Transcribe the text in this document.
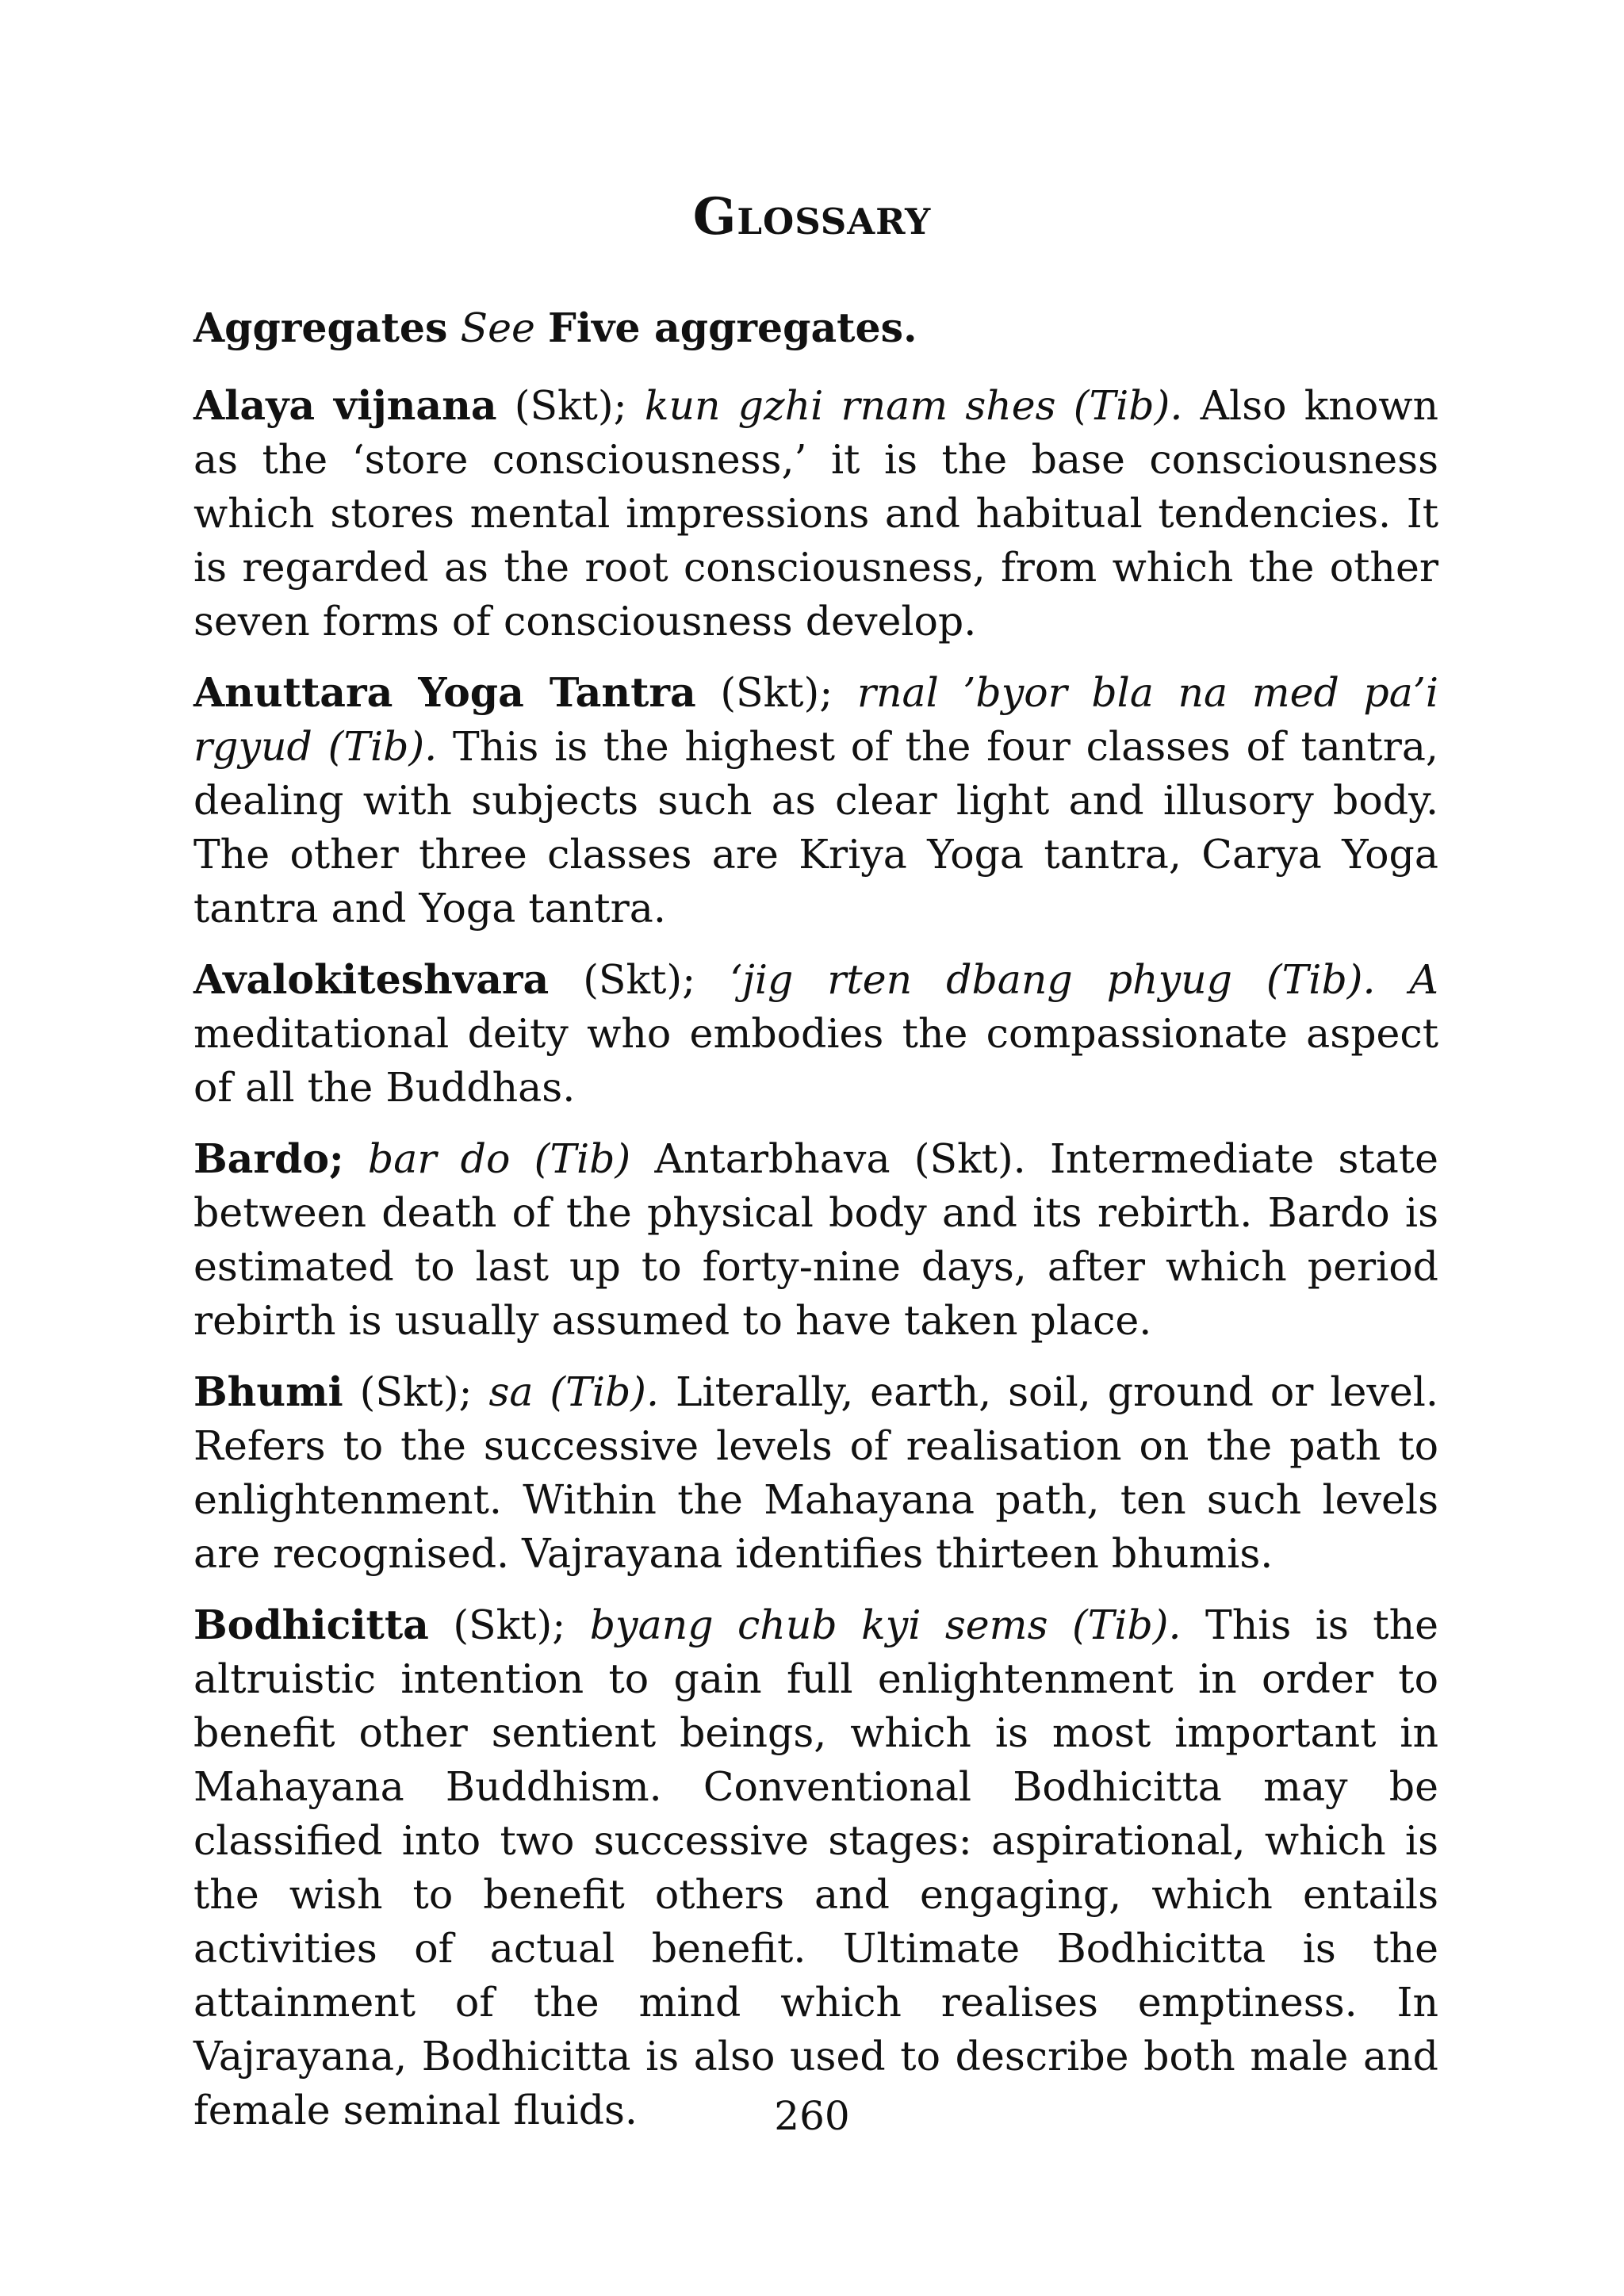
Glossary

Aggregates See Five aggregates.

Alaya vijnana (Skt); kun gzhi rnam shes (Tib). Also known as the ‘store consciousness,’ it is the base consciousness which stores mental impressions and habitual tendencies. It is regarded as the root consciousness, from which the other seven forms of consciousness develop.

Anuttara Yoga Tantra (Skt); rnal ’byor bla na med pa’i rgyud (Tib). This is the highest of the four classes of tantra, dealing with subjects such as clear light and illusory body. The other three classes are Kriya Yoga tantra, Carya Yoga tantra and Yoga tantra.

Avalokiteshvara (Skt); ‘jig rten dbang phyug (Tib). A meditational deity who embodies the compassionate aspect of all the Buddhas.

Bardo; bar do (Tib) Antarbhava (Skt). Intermediate state between death of the physical body and its rebirth. Bardo is estimated to last up to forty-nine days, after which period rebirth is usually assumed to have taken place.

Bhumi (Skt); sa (Tib). Literally, earth, soil, ground or level. Refers to the successive levels of realisation on the path to enlightenment. Within the Mahayana path, ten such levels are recognised. Vajrayana identifies thirteen bhumis.

Bodhicitta (Skt); byang chub kyi sems (Tib). This is the altruistic intention to gain full enlightenment in order to benefit other sentient beings, which is most important in Mahayana Buddhism. Conventional Bodhicitta may be classified into two successive stages: aspirational, which is the wish to benefit others and engaging, which entails activities of actual benefit. Ultimate Bodhicitta is the attainment of the mind which realises emptiness. In Vajrayana, Bodhicitta is also used to describe both male and female seminal fluids.	260
